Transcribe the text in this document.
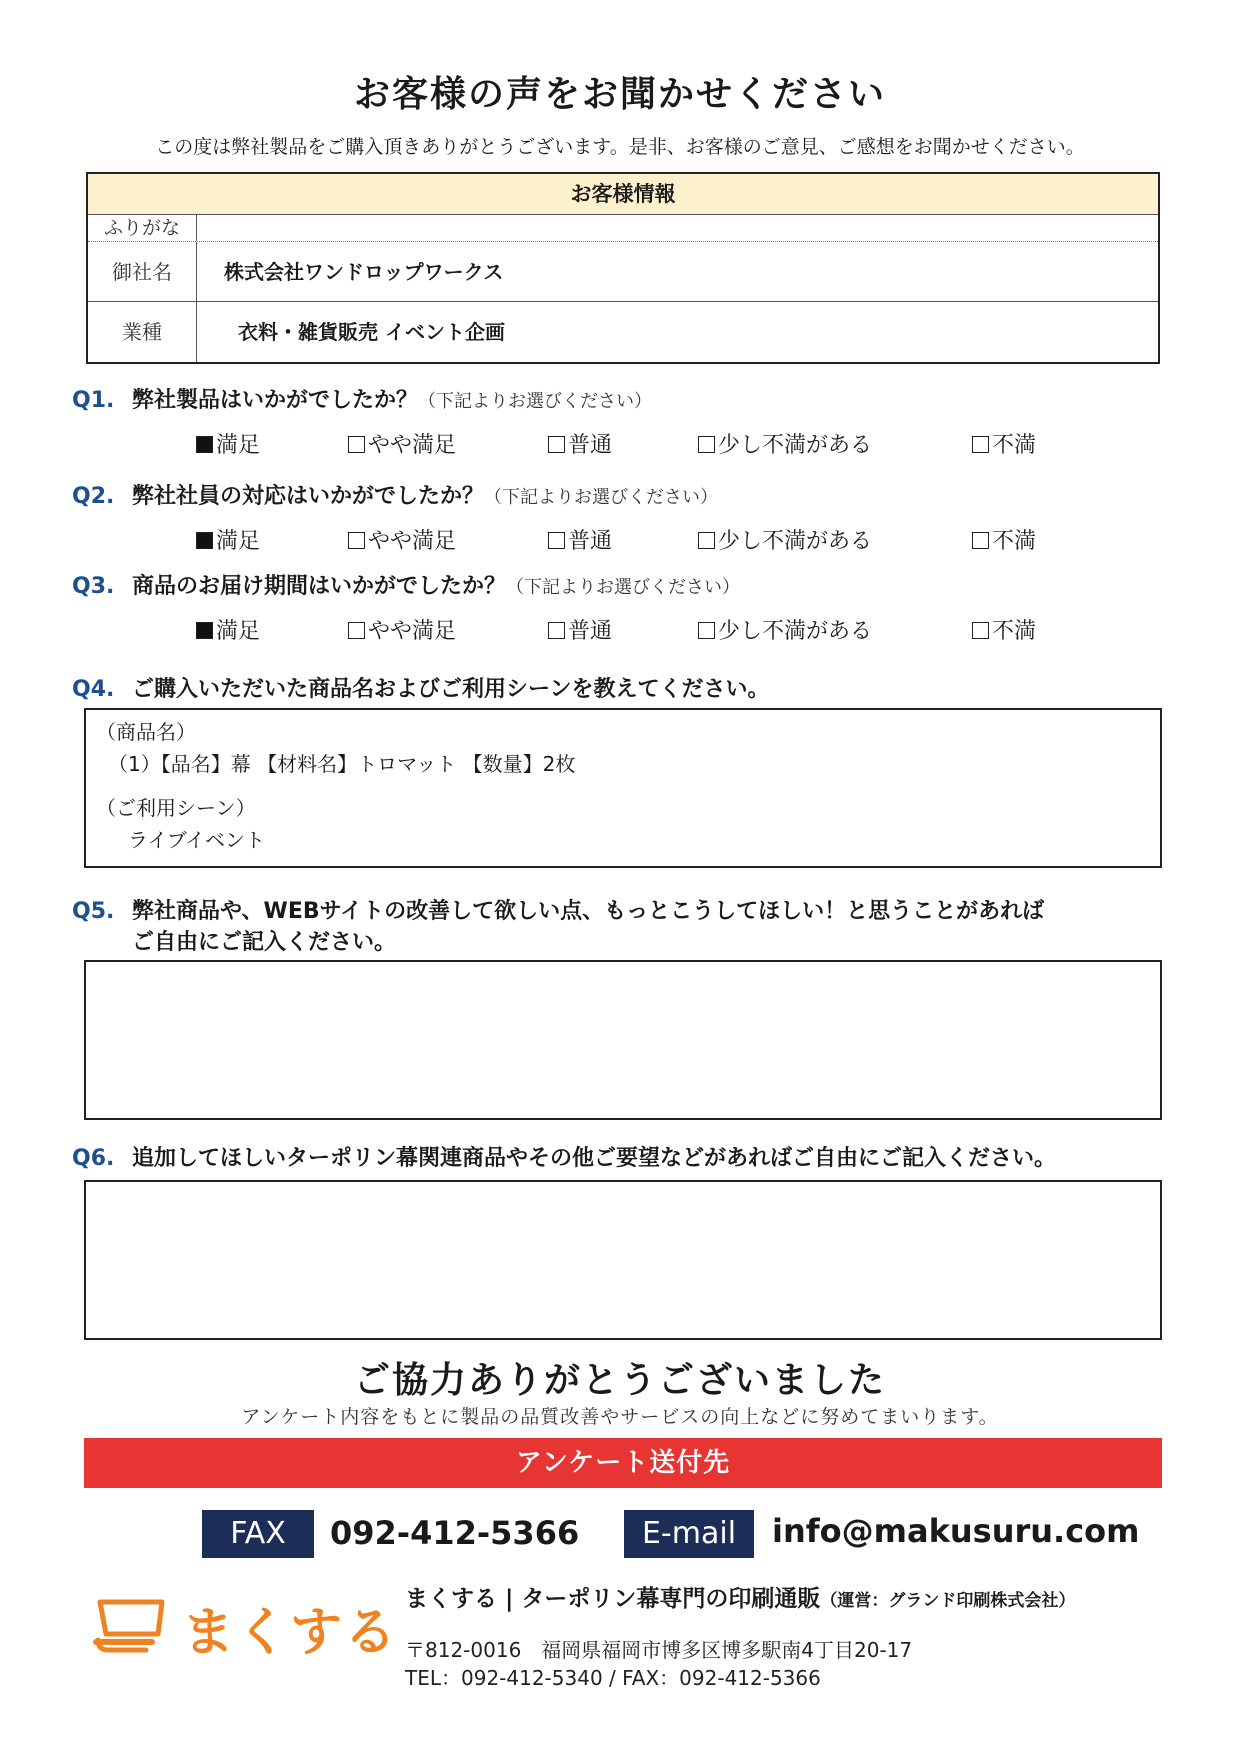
お客様の声をお聞かせください
この度は弊社製品をご購入頂きありがとうございます。是非、お客様のご意見、ご感想をお聞かせください。
お客様情報
ふりがな
御社名	株式会社ワンドロップワークス
業種	衣料・雑貨販売 イベント企画
Q1. 弊社製品はいかがでしたか？（下記よりお選びください）
満足	やや満足	普通	少し不満がある	不満
Q2. 弊社社員の対応はいかがでしたか？（下記よりお選びください）
満足	やや満足	普通	少し不満がある	不満
Q3. 商品のお届け期間はいかがでしたか？（下記よりお選びください）
満足	やや満足	普通	少し不満がある	不満
Q4. ご購入いただいた商品名およびご利用シーンを教えてください。
（商品名）
（1）【品名】幕 【材料名】トロマット 【数量】2枚
（ご利用シーン）
ライブイベント
Q5. 弊社商品や、WEBサイトの改善して欲しい点、もっとこうしてほしい！と思うことがあれば
ご自由にご記入ください。
Q6. 追加してほしいターポリン幕関連商品やその他ご要望などがあればご自由にご記入ください。
ご協力ありがとうございました
アンケート内容をもとに製品の品質改善やサービスの向上などに努めてまいります。
アンケート送付先
FAX	092-412-5366	E-mail	info@makusuru.com
まくする
まくする | ターポリン幕専門の印刷通販（運営：グランド印刷株式会社）
〒812-0016　福岡県福岡市博多区博多駅南4丁目20-17
TEL：092-412-5340 / FAX：092-412-5366
